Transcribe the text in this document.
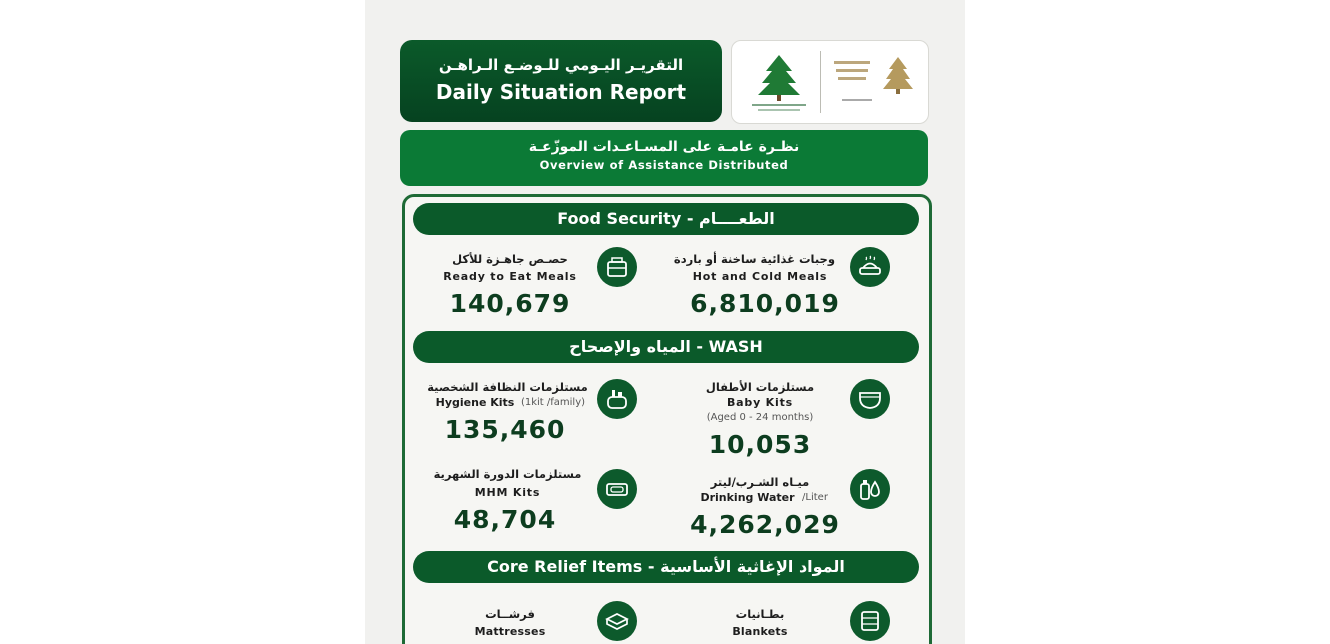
التقريـر اليـومي للـوضـع الـراهـن
Daily Situation Report
نظـرة عامـة على المسـاعـدات الموزّعـة
Overview of Assistance Distributed
Food Security - الطعــــام
وجبات غذائية ساخنة أو باردة
Hot and Cold Meals
6,810,019
حصـص جاهـزة للأكل
Ready to Eat Meals
140,679
المياه والإصحاح - WASH
مستلزمات الأطفال
Baby Kits
(Aged 0 - 24 months)
10,053
مستلزمات النظافة الشخصية
Hygiene Kits (1kit /family)
135,460
ميـاه الشـرب/ليتر
Drinking Water /Liter
4,262,029
مستلزمات الدورة الشهرية
MHM Kits
48,704
Core Relief Items - المواد الإغاثية الأساسية
بطـانيات
Blankets
فرشــات
Mattresses
